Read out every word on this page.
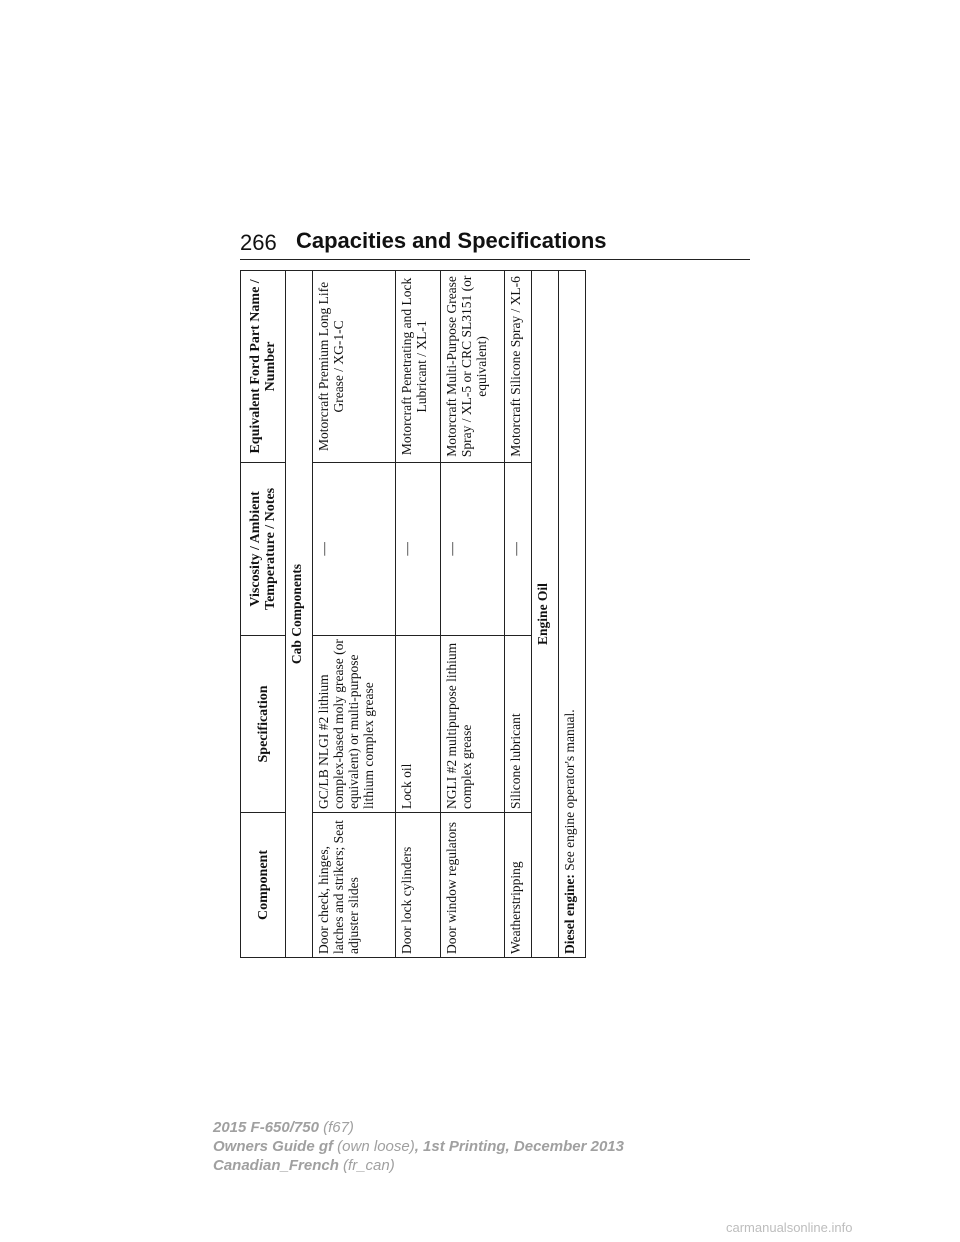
266 Capacities and Specifications
Component	Specification	Viscosity / Ambient Temperature / Notes	Equivalent Ford Part Name / Number
Cab Components			
Door check, hinges, latches and strikers; Seat adjuster slides	GC/LB NLGI #2 lithium complex-based moly grease (or equivalent) or multi-purpose lithium complex grease	—	Motorcraft Premium Long Life Grease / XG-1-C
Door lock cylinders	Lock oil	—	Motorcraft Penetrating and Lock Lubricant / XL-1
Door window regulators	NGLI #2 multipurpose lithium complex grease	—	Motorcraft Multi-Purpose Grease Spray / XL-5 or CRC SL3151 (or equivalent)
Weatherstripping	Silicone lubricant	—	Motorcraft Silicone Spray / XL-6
Engine Oil			
Diesel engine: See engine operator's manual.			
2015 F-650/750 (f67)
Owners Guide gf (own loose), 1st Printing, December 2013
Canadian_French (fr_can)
carmanualsonline.info
